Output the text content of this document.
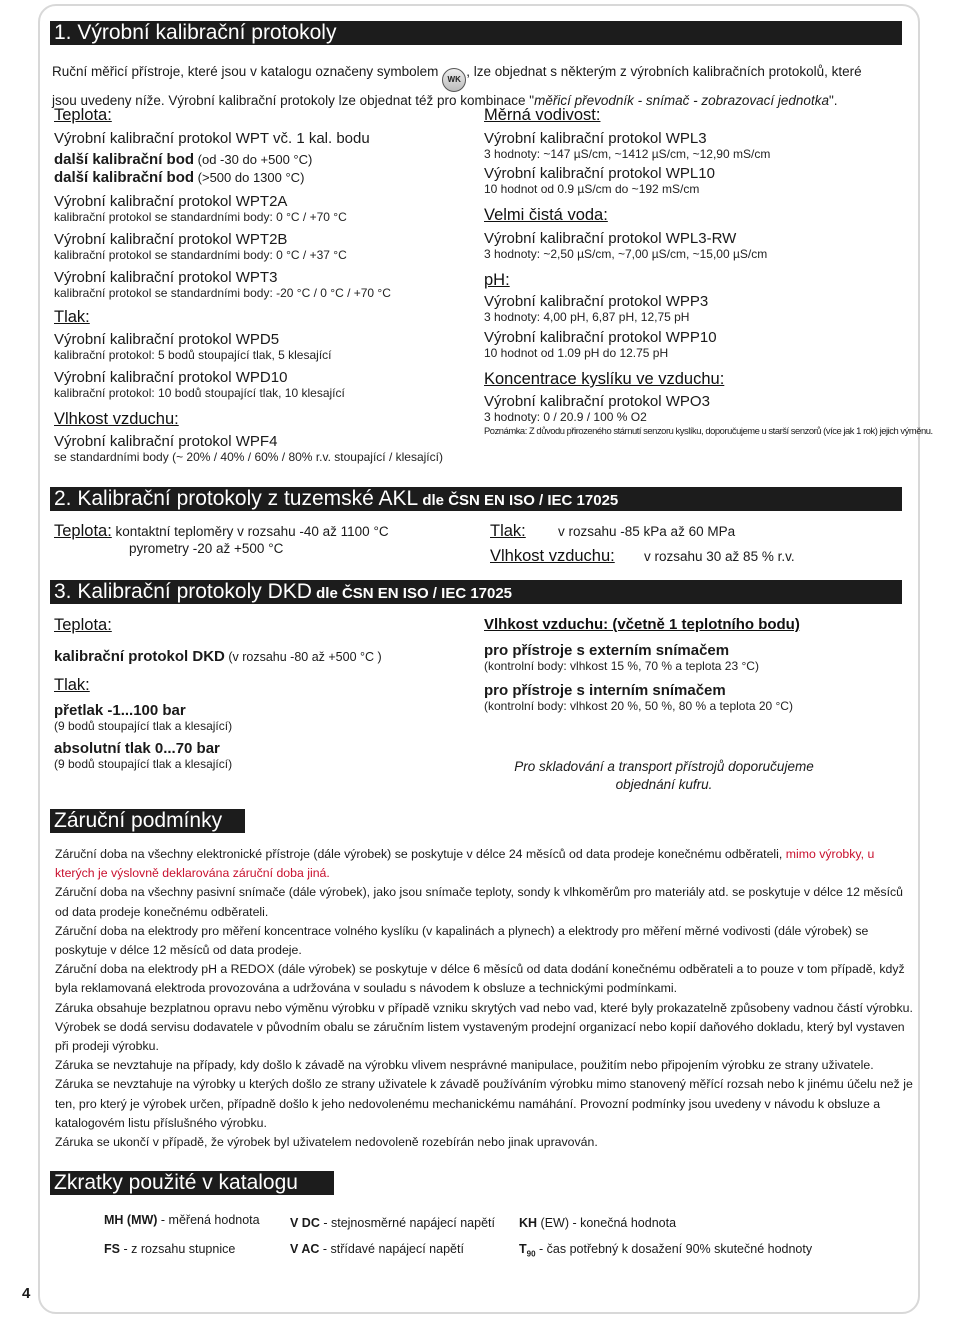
1. Výrobní kalibrační protokoly
Ruční měřicí přístroje, které jsou v katalogu označeny symbolem WK, lze objednat s některým z výrobních kalibračních protokolů, které
jsou uvedeny níže. Výrobní kalibrační protokoly lze objednat též pro kombinace "měřicí převodník - snímač - zobrazovací jednotka".
Teplota:
Výrobní kalibrační protokol WPT vč. 1 kal. bodu
další kalibrační bod (od -30 do +500 °C)
další kalibrační bod (>500 do 1300 °C)
Výrobní kalibrační protokol WPT2A
kalibrační protokol se standardními body: 0 °C / +70 °C
Výrobní kalibrační protokol WPT2B
kalibrační protokol se standardními body: 0 °C / +37 °C
Výrobní kalibrační protokol WPT3
kalibrační protokol se standardními body: -20 °C / 0 °C / +70 °C
Tlak:
Výrobní kalibrační protokol WPD5
kalibrační protokol: 5 bodů stoupající tlak, 5 klesající
Výrobní kalibrační protokol WPD10
kalibrační protokol: 10 bodů stoupající tlak, 10 klesající
Vlhkost vzduchu:
Výrobní kalibrační protokol WPF4
se standardními body (~ 20% / 40% / 60% / 80% r.v. stoupající / klesající)
Měrná vodivost:
Výrobní kalibrační protokol WPL3
3 hodnoty: ~147 µS/cm, ~1412 µS/cm, ~12,90 mS/cm
Výrobní kalibrační protokol WPL10
10 hodnot od 0.9 µS/cm do ~192 mS/cm
Velmi čistá voda:
Výrobní kalibrační protokol WPL3-RW
3 hodnoty: ~2,50 µS/cm, ~7,00 µS/cm, ~15,00 µS/cm
pH:
Výrobní kalibrační protokol WPP3
3 hodnoty: 4,00 pH, 6,87 pH, 12,75 pH
Výrobní kalibrační protokol WPP10
10 hodnot od 1.09 pH do 12.75 pH
Koncentrace kyslíku ve vzduchu:
Výrobní kalibrační protokol WPO3
3 hodnoty: 0 / 20.9 / 100 % O2
Poznámka: Z důvodu přirozeného stárnutí senzoru kyslíku, doporučujeme u starší senzorů (více jak 1 rok) jejich výměnu.
2. Kalibrační protokoly z tuzemské AKL dle ČSN EN ISO / IEC 17025
Teplota: kontaktní teploměry v rozsahu -40 až 1100 °C
pyrometry -20 až +500 °C
Tlak: v rozsahu -85 kPa až 60 MPa
Vlhkost vzduchu: v rozsahu 30 až 85 % r.v.
3. Kalibrační protokoly DKD dle ČSN EN ISO / IEC 17025
Teplota:
kalibrační protokol DKD (v rozsahu -80 až +500 °C )
Tlak:
přetlak -1...100 bar
(9 bodů stoupající tlak a klesající)
absolutní tlak 0...70 bar
(9 bodů stoupající tlak a klesající)
Vlhkost vzduchu: (včetně 1 teplotního bodu)
pro přístroje s externím snímačem
(kontrolní body: vlhkost 15 %, 70 % a teplota 23 °C)
pro přístroje s interním snímačem
(kontrolní body: vlhkost 20 %, 50 %, 80 % a teplota 20 °C)
Pro skladování a transport přístrojů doporučujeme
objednání kufru.
Záruční podmínky

Záruční doba na všechny elektronické přístroje (dále výrobek) se poskytuje v délce 24 měsíců od data prodeje konečnému odběrateli, mimo výrobky, u kterých je výslovně deklarována záruční doba jiná.

Záruční doba na všechny pasivní snímače (dále výrobek), jako jsou snímače teploty, sondy k vlhkoměrům pro materiály atd. se poskytuje v délce 12 měsíců od data prodeje konečnému odběrateli.

Záruční doba na elektrody pro měření koncentrace volného kyslíku (v kapalinách a plynech) a elektrody pro měření měrné vodivosti (dále výrobek) se poskytuje v délce 12 měsíců od data prodeje.

Záruční doba na elektrody pH a REDOX (dále výrobek) se poskytuje v délce 6 měsíců od data dodání konečnému odběrateli a to pouze v tom případě, když byla reklamovaná elektroda provozována a udržována v souladu s návodem k obsluze a technickými podmínkami.

Záruka obsahuje bezplatnou opravu nebo výměnu výrobku v případě vzniku skrytých vad nebo vad, které byly prokazatelně způsobeny vadnou částí výrobku. Výrobek se dodá servisu dodavatele v původním obalu se záručním listem vystaveným prodejní organizací nebo kopií daňového dokladu, který byl vystaven při prodeji výrobku.

Záruka se nevztahuje na případy, kdy došlo k závadě na výrobku vlivem nesprávné manipulace, použitím nebo připojením výrobku ze strany uživatele.

Záruka se nevztahuje na výrobky u kterých došlo ze strany uživatele k závadě používáním výrobku mimo stanovený měřící rozsah nebo k jinému účelu než je ten, pro který je výrobek určen, případně došlo k jeho nedovolenému mechanickému namáhání. Provozní podmínky jsou uvedeny v návodu k obsluze a katalogovém listu příslušného výrobku.

Záruka se ukončí v případě, že výrobek byl uživatelem nedovoleně rozebírán nebo jinak upravován.

Zkratky použité v katalogu
MH (MW) - měřená hodnota V DC - stejnosměrné napájecí napětí KH (EW) - konečná hodnota
FS - z rozsahu stupnice	V AC - střídavé napájecí napětí	$T_{90}$ - čas potřebný k dosažení 90% skutečné hodnoty
4
